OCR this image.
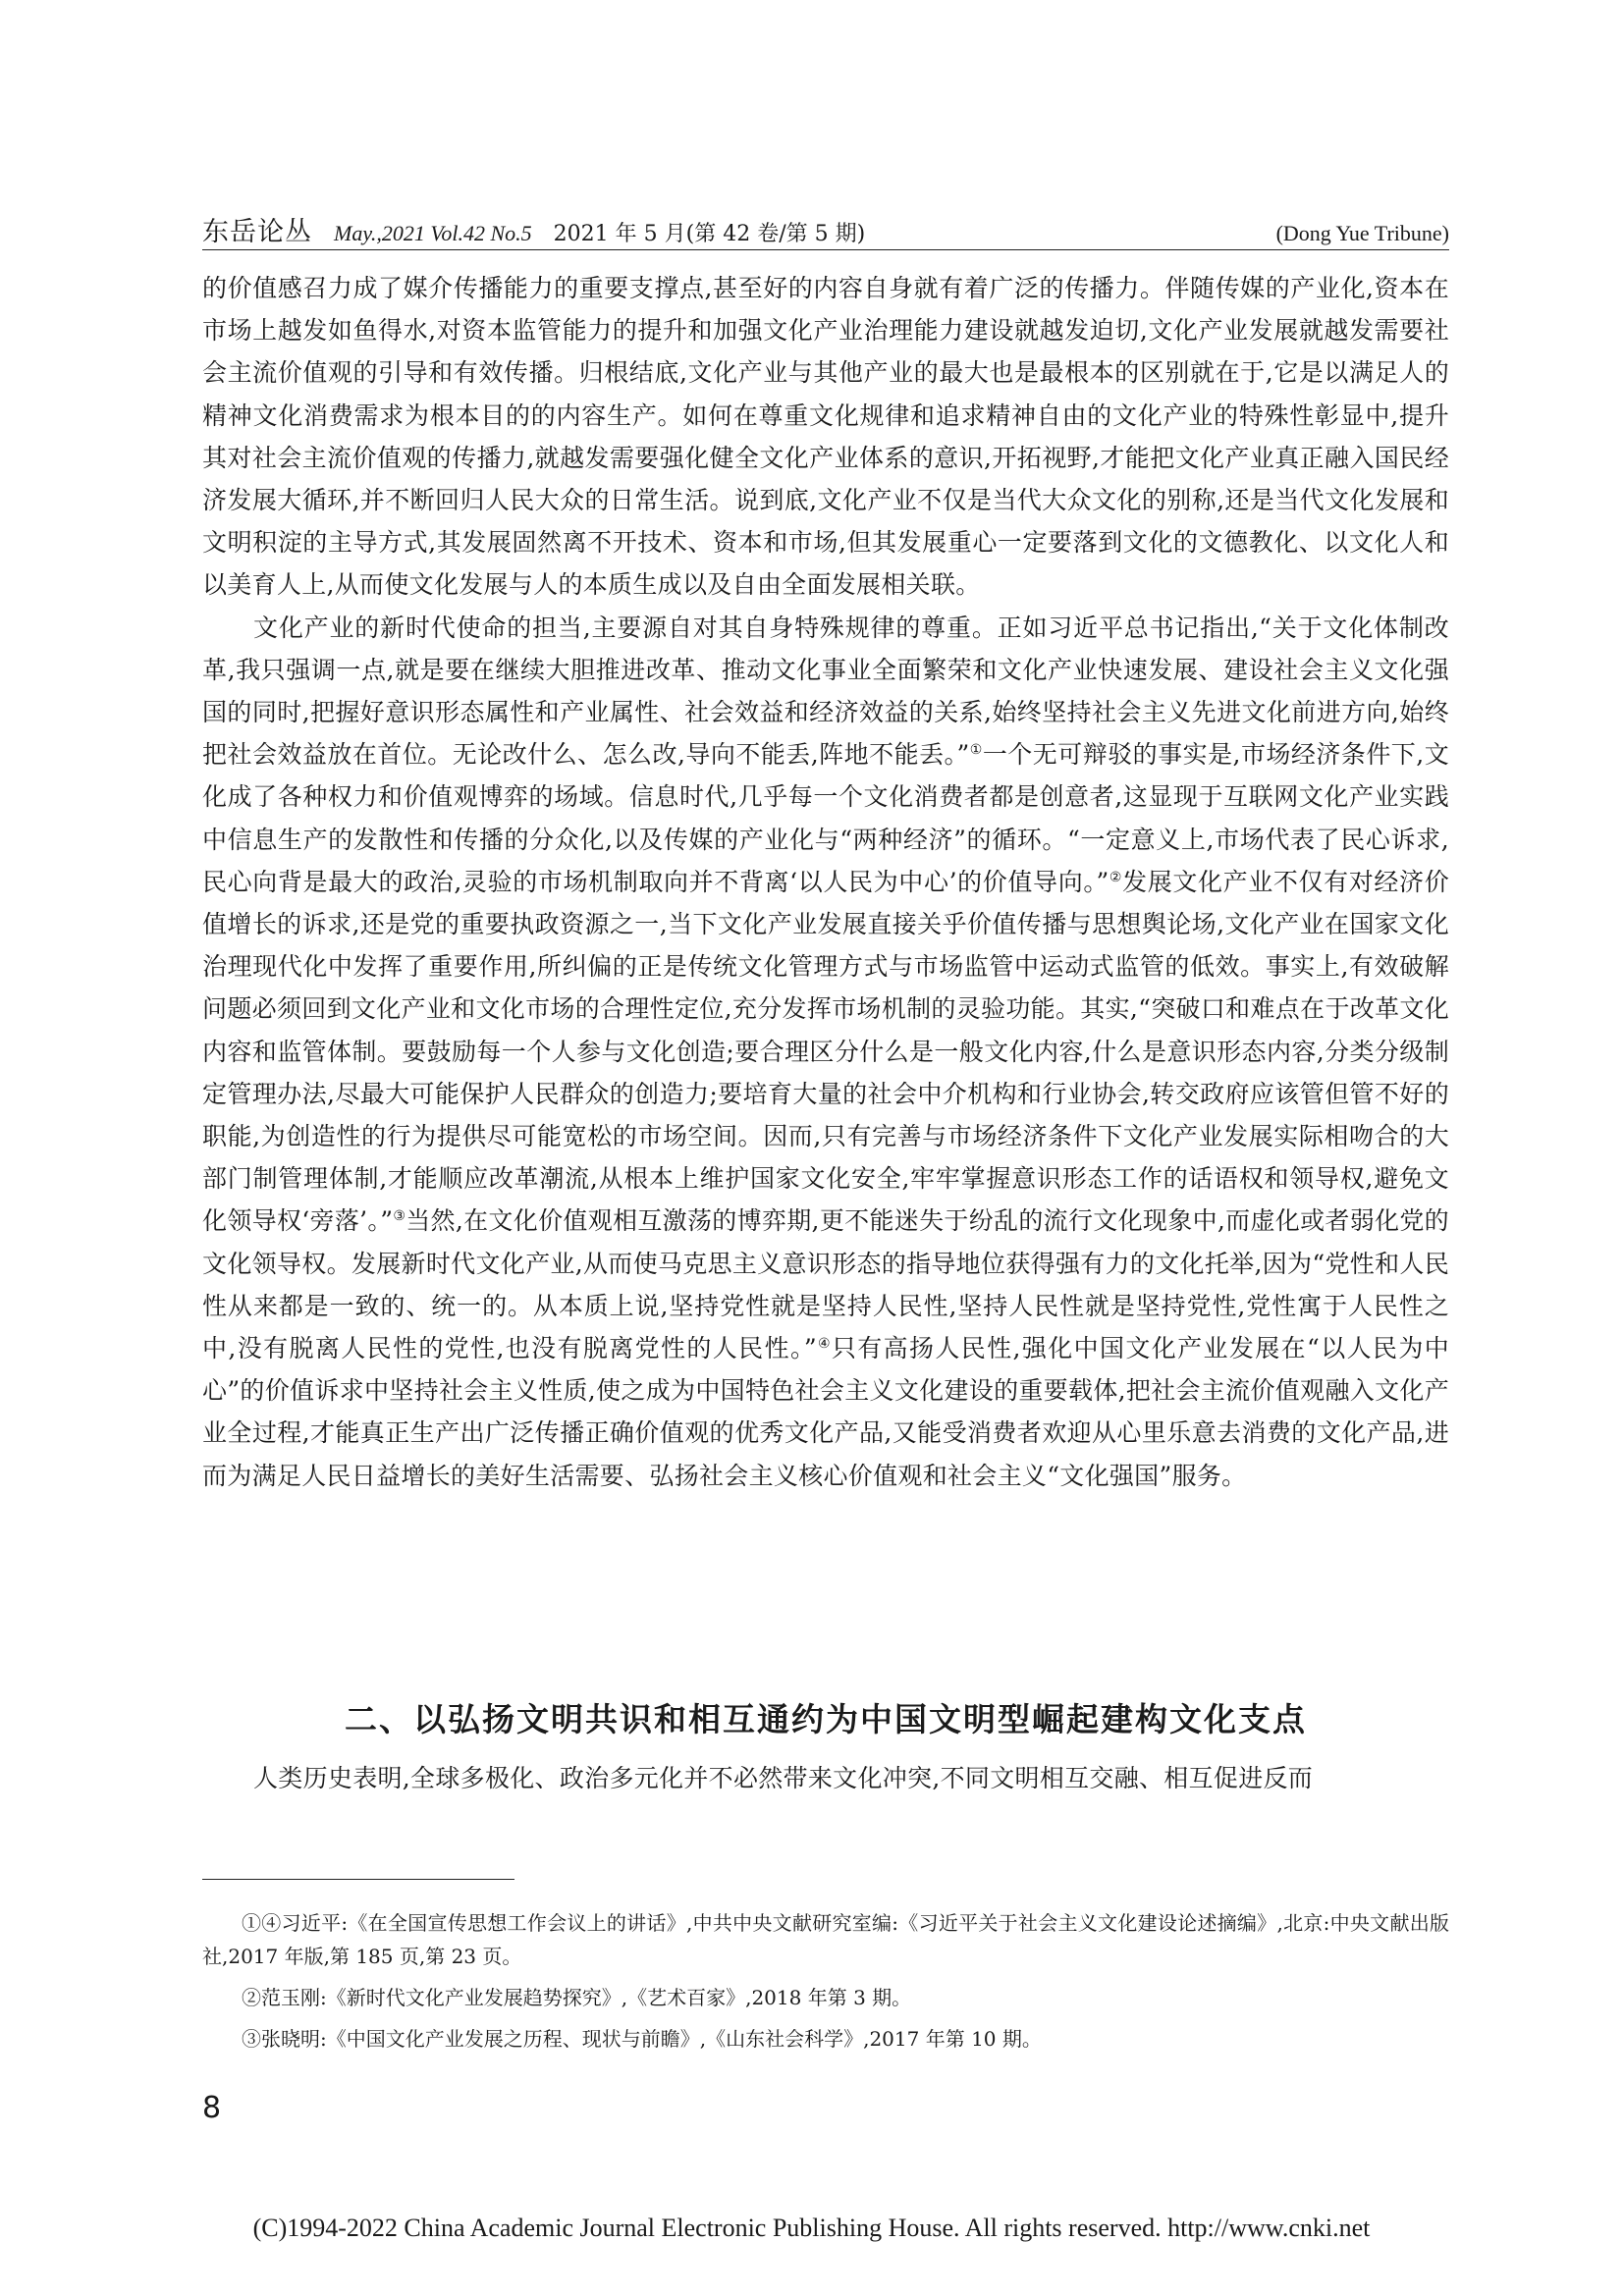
东岳论丛 May.,2021 Vol.42 No.5 2021 年 5 月(第 42 卷/第 5 期)	(Dong Yue Tribune)

的价值感召力成了媒介传播能力的重要支撑点,甚至好的内容自身就有着广泛的传播力。伴随传媒的产业化,资本在市场上越发如鱼得水,对资本监管能力的提升和加强文化产业治理能力建设就越发迫切,文化产业发展就越发需要社会主流价值观的引导和有效传播。归根结底,文化产业与其他产业的最大也是最根本的区别就在于,它是以满足人的精神文化消费需求为根本目的的内容生产。如何在尊重文化规律和追求精神自由的文化产业的特殊性彰显中,提升其对社会主流价值观的传播力,就越发需要强化健全文化产业体系的意识,开拓视野,才能把文化产业真正融入国民经济发展大循环,并不断回归人民大众的日常生活。说到底,文化产业不仅是当代大众文化的别称,还是当代文化发展和文明积淀的主导方式,其发展固然离不开技术、资本和市场,但其发展重心一定要落到文化的文德教化、以文化人和以美育人上,从而使文化发展与人的本质生成以及自由全面发展相关联。

文化产业的新时代使命的担当,主要源自对其自身特殊规律的尊重。正如习近平总书记指出,“关于文化体制改革,我只强调一点,就是要在继续大胆推进改革、推动文化事业全面繁荣和文化产业快速发展、建设社会主义文化强国的同时,把握好意识形态属性和产业属性、社会效益和经济效益的关系,始终坚持社会主义先进文化前进方向,始终把社会效益放在首位。无论改什么、怎么改,导向不能丢,阵地不能丢。”①一个无可辩驳的事实是,市场经济条件下,文化成了各种权力和价值观博弈的场域。信息时代,几乎每一个文化消费者都是创意者,这显现于互联网文化产业实践中信息生产的发散性和传播的分众化,以及传媒的产业化与“两种经济”的循环。“一定意义上,市场代表了民心诉求,民心向背是最大的政治,灵验的市场机制取向并不背离‘以人民为中心’的价值导向。”②发展文化产业不仅有对经济价值增长的诉求,还是党的重要执政资源之一,当下文化产业发展直接关乎价值传播与思想舆论场,文化产业在国家文化治理现代化中发挥了重要作用,所纠偏的正是传统文化管理方式与市场监管中运动式监管的低效。事实上,有效破解问题必须回到文化产业和文化市场的合理性定位,充分发挥市场机制的灵验功能。其实,“突破口和难点在于改革文化内容和监管体制。要鼓励每一个人参与文化创造;要合理区分什么是一般文化内容,什么是意识形态内容,分类分级制定管理办法,尽最大可能保护人民群众的创造力;要培育大量的社会中介机构和行业协会,转交政府应该管但管不好的职能,为创造性的行为提供尽可能宽松的市场空间。因而,只有完善与市场经济条件下文化产业发展实际相吻合的大部门制管理体制,才能顺应改革潮流,从根本上维护国家文化安全,牢牢掌握意识形态工作的话语权和领导权,避免文化领导权‘旁落’。”③当然,在文化价值观相互激荡的博弈期,更不能迷失于纷乱的流行文化现象中,而虚化或者弱化党的文化领导权。发展新时代文化产业,从而使马克思主义意识形态的指导地位获得强有力的文化托举,因为“党性和人民性从来都是一致的、统一的。从本质上说,坚持党性就是坚持人民性,坚持人民性就是坚持党性,党性寓于人民性之中,没有脱离人民性的党性,也没有脱离党性的人民性。”④只有高扬人民性,强化中国文化产业发展在“以人民为中心”的价值诉求中坚持社会主义性质,使之成为中国特色社会主义文化建设的重要载体,把社会主流价值观融入文化产业全过程,才能真正生产出广泛传播正确价值观的优秀文化产品,又能受消费者欢迎从心里乐意去消费的文化产品,进而为满足人民日益增长的美好生活需要、弘扬社会主义核心价值观和社会主义“文化强国”服务。

二、以弘扬文明共识和相互通约为中国文明型崛起建构文化支点

人类历史表明,全球多极化、政治多元化并不必然带来文化冲突,不同文明相互交融、相互促进反而

①④习近平:《在全国宣传思想工作会议上的讲话》,中共中央文献研究室编:《习近平关于社会主义文化建设论述摘编》,北京:中央文献出版社,2017 年版,第 185 页,第 23 页。

②范玉刚:《新时代文化产业发展趋势探究》,《艺术百家》,2018 年第 3 期。

③张晓明:《中国文化产业发展之历程、现状与前瞻》,《山东社会科学》,2017 年第 10 期。

8
(C)1994-2022 China Academic Journal Electronic Publishing House. All rights reserved. http://www.cnki.net
